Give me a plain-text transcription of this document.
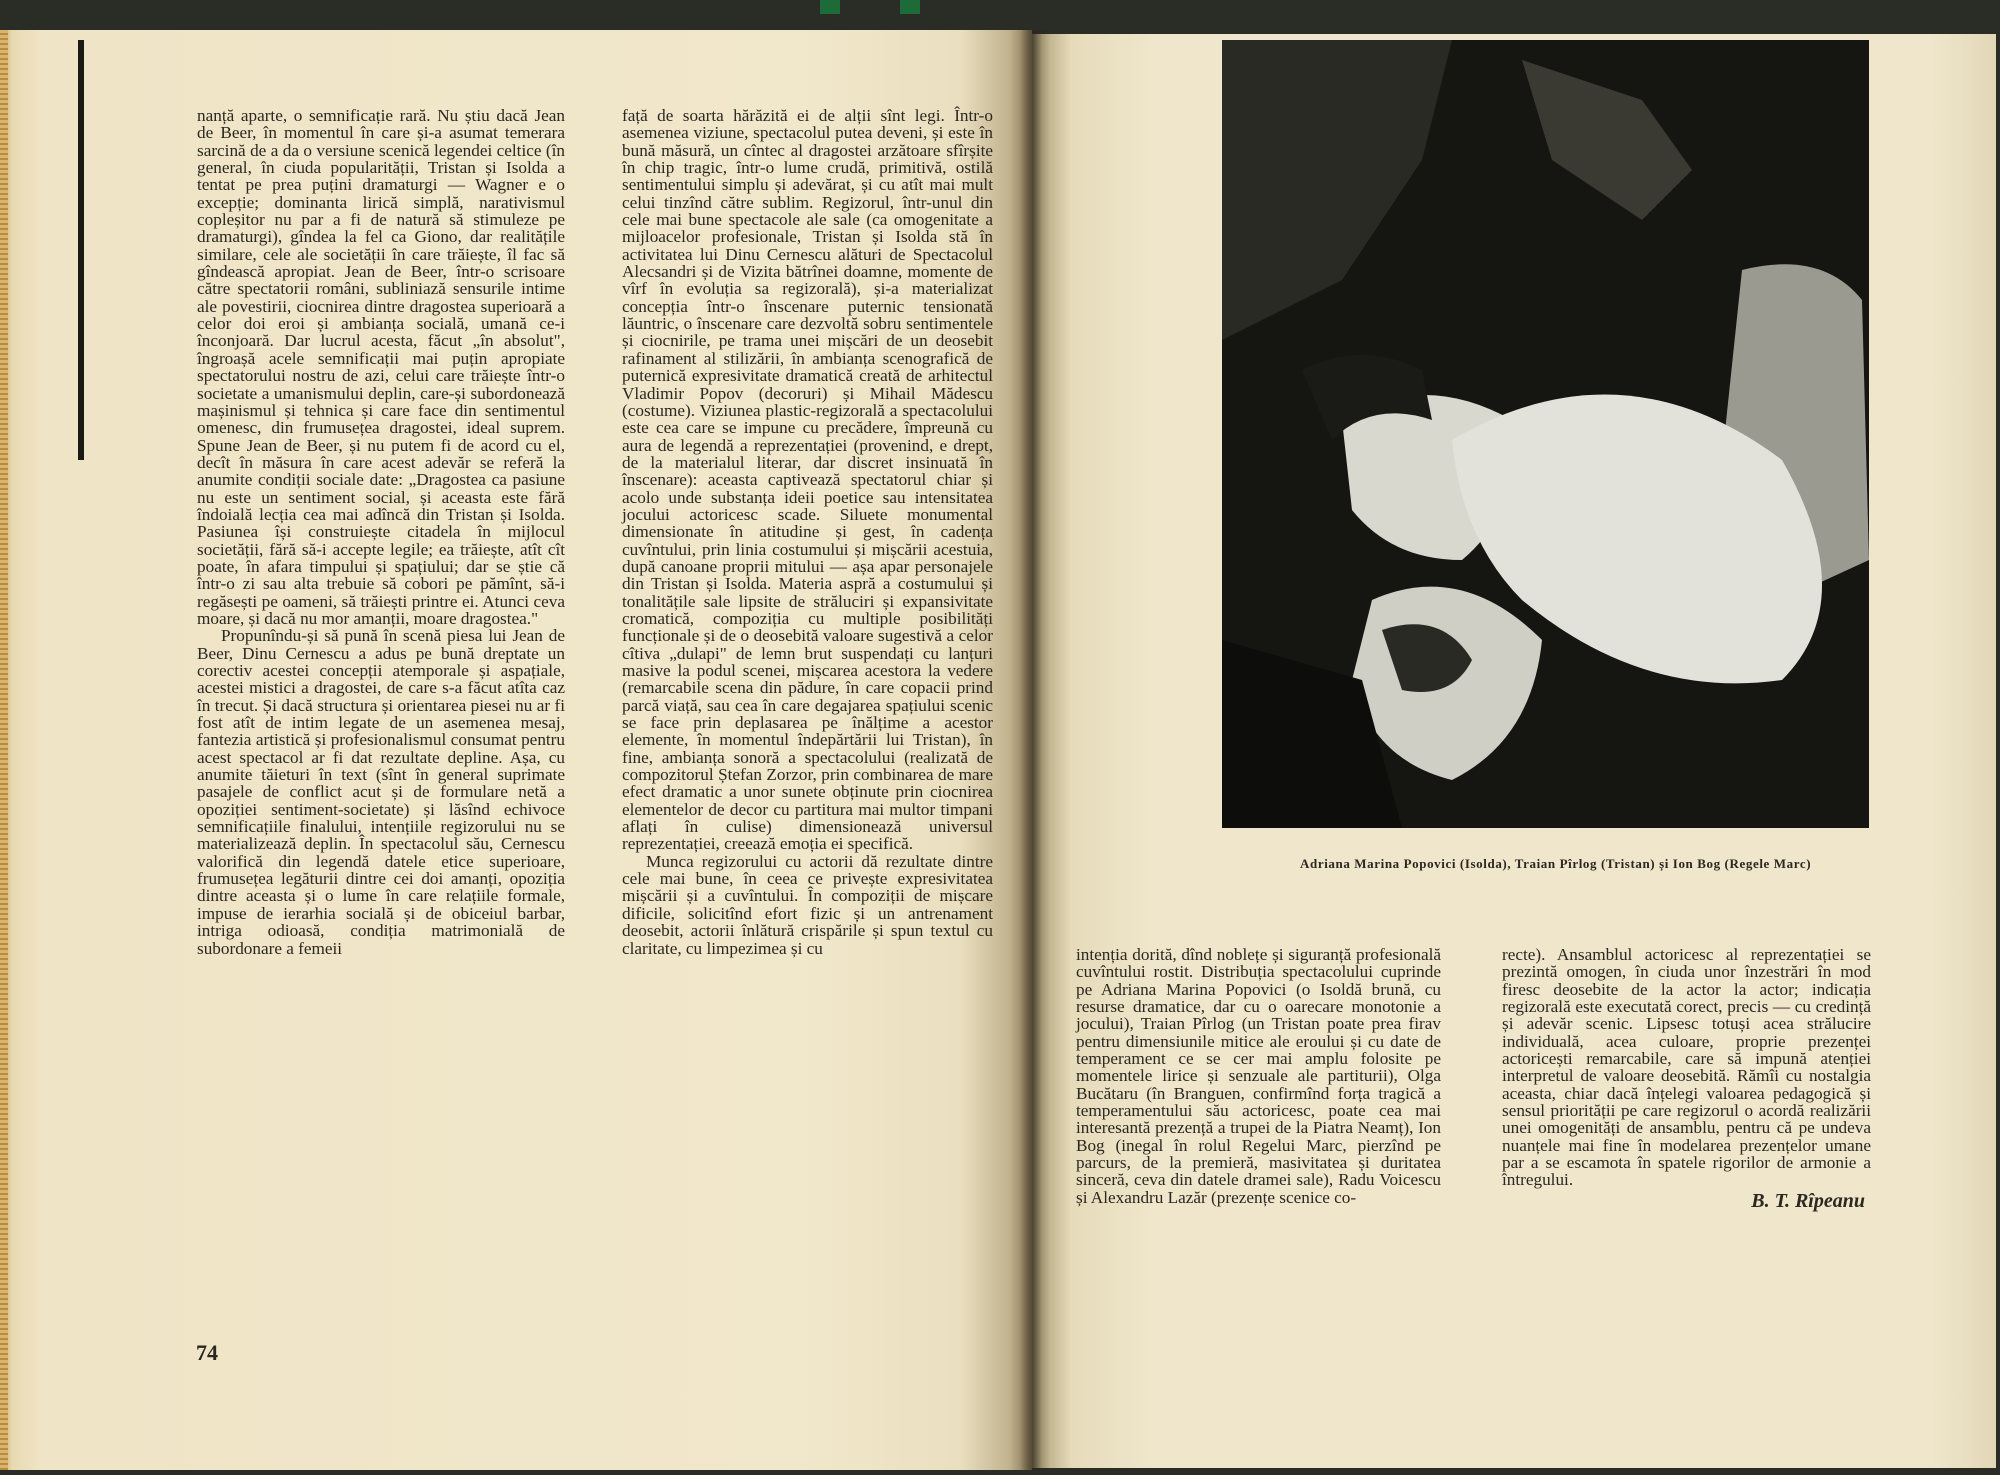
nanță aparte, o semnificație rară. Nu știu dacă Jean de Beer, în momentul în care și-a asumat temerara sarcină de a da o versiune scenică legendei celtice (în general, în ciuda popularității, Tristan și Isolda a tentat pe prea puțini dramaturgi — Wagner e o excepție; dominanta lirică simplă, narativismul copleșitor nu par a fi de natură să stimuleze pe dramaturgi), gîndea la fel ca Giono, dar realitățile similare, cele ale societății în care trăiește, îl fac să gîndească apropiat. Jean de Beer, într-o scrisoare către spectatorii români, subliniază sensurile intime ale povestirii, ciocnirea dintre dragostea superioară a celor doi eroi și ambianța socială, umană ce-i înconjoară. Dar lucrul acesta, făcut „în absolut", îngroașă acele semnificații mai puțin apropiate spectatorului nostru de azi, celui care trăiește într-o societate a umanismului deplin, care-și subordonează mașinismul și tehnica și care face din sentimentul omenesc, din frumusețea dragostei, ideal suprem. Spune Jean de Beer, și nu putem fi de acord cu el, decît în măsura în care acest adevăr se referă la anumite condiții sociale date: „Dragostea ca pasiune nu este un sentiment social, și aceasta este fără îndoială lecția cea mai adîncă din Tristan și Isolda. Pasiunea își construiește citadela în mijlocul societății, fără să-i accepte legile; ea trăiește, atît cît poate, în afara timpului și spațiului; dar se știe că într-o zi sau alta trebuie să cobori pe pămînt, să-i regăsești pe oameni, să trăiești printre ei. Atunci ceva moare, și dacă nu mor amanții, moare dragostea."

Propunîndu-și să pună în scenă piesa lui Jean de Beer, Dinu Cernescu a adus pe bună dreptate un corectiv acestei concepții atemporale și aspațiale, acestei mistici a dragostei, de care s-a făcut atîta caz în trecut. Și dacă structura și orientarea piesei nu ar fi fost atît de intim legate de un asemenea mesaj, fantezia artistică și profesionalismul consumat pentru acest spectacol ar fi dat rezultate depline. Așa, cu anumite tăieturi în text (sînt în general suprimate pasajele de conflict acut și de formulare netă a opoziției sentiment-societate) și lăsînd echivoce semnificațiile finalului, intențiile regizorului nu se materializează deplin. În spectacolul său, Cernescu valorifică din legendă datele etice superioare, frumusețea legăturii dintre cei doi amanți, opoziția dintre aceasta și o lume în care relațiile formale, impuse de ierarhia socială și de obiceiul barbar, intriga odioasă, condiția matrimonială de subordonare a femeii

față de soarta hărăzită ei de alții sînt legi. Într-o asemenea viziune, spectacolul putea deveni, și este în bună măsură, un cîntec al dragostei arzătoare sfîrșite în chip tragic, într-o lume crudă, primitivă, ostilă sentimentului simplu și adevărat, și cu atît mai mult celui tinzînd către sublim. Regizorul, într-unul din cele mai bune spectacole ale sale (ca omogenitate a mijloacelor profesionale, Tristan și Isolda stă în activitatea lui Dinu Cernescu alături de Spectacolul Alecsandri și de Vizita bătrînei doamne, momente de vîrf în evoluția sa regizorală), și-a materializat concepția într-o înscenare puternic tensionată lăuntric, o înscenare care dezvoltă sobru sentimentele și ciocnirile, pe trama unei mișcări de un deosebit rafinament al stilizării, în ambianța scenografică de puternică expresivitate dramatică creată de arhitectul Vladimir Popov (decoruri) și Mihail Mădescu (costume). Viziunea plastic-regizorală a spectacolului este cea care se impune cu precădere, împreună cu aura de legendă a reprezentației (provenind, e drept, de la materialul literar, dar discret insinuată în înscenare): aceasta captivează spectatorul chiar și acolo unde substanța ideii poetice sau intensitatea jocului actoricesc scade. Siluete monumental dimensionate în atitudine și gest, în cadența cuvîntului, prin linia costumului și mișcării acestuia, după canoane proprii mitului — așa apar personajele din Tristan și Isolda. Materia aspră a costumului și tonalitățile sale lipsite de străluciri și expansivitate cromatică, compoziția cu multiple posibilități funcționale și de o deosebită valoare sugestivă a celor cîtiva „dulapi" de lemn brut suspendați cu lanțuri masive la podul scenei, mișcarea acestora la vedere (remarcabile scena din pădure, în care copacii prind parcă viață, sau cea în care degajarea spațiului scenic se face prin deplasarea pe înălțime a acestor elemente, în momentul îndepărtării lui Tristan), în fine, ambianța sonoră a spectacolului (realizată de compozitorul Ștefan Zorzor, prin combinarea de mare efect dramatic a unor sunete obținute prin ciocnirea elementelor de decor cu partitura mai multor timpani aflați în culise) dimensionează universul reprezentației, creează emoția ei specifică.

Munca regizorului cu actorii dă rezultate dintre cele mai bune, în ceea ce privește expresivitatea mișcării și a cuvîntului. În compoziții de mișcare dificile, solicitînd efort fizic și un antrenament deosebit, actorii înlătură crispările și spun textul cu claritate, cu limpezimea și cu

74
Adriana Marina Popovici (Isolda), Traian Pîrlog (Tristan) și Ion Bog (Regele Marc)

intenția dorită, dînd noblețe și siguranță profesională cuvîntului rostit. Distribuția spectacolului cuprinde pe Adriana Marina Popovici (o Isoldă brună, cu resurse dramatice, dar cu o oarecare monotonie a jocului), Traian Pîrlog (un Tristan poate prea firav pentru dimensiunile mitice ale eroului și cu date de temperament ce se cer mai amplu folosite pe momentele lirice și senzuale ale partiturii), Olga Bucătaru (în Branguen, confirmînd forța tragică a temperamentului său actoricesc, poate cea mai interesantă prezență a trupei de la Piatra Neamț), Ion Bog (inegal în rolul Regelui Marc, pierzînd pe parcurs, de la premieră, masivitatea și duritatea sinceră, ceva din datele dramei sale), Radu Voicescu și Alexandru Lazăr (prezențe scenice co-

recte). Ansamblul actoricesc al reprezentației se prezintă omogen, în ciuda unor înzestrări în mod firesc deosebite de la actor la actor; indicația regizorală este executată corect, precis — cu credință și adevăr scenic. Lipsesc totuși acea strălucire individuală, acea culoare, proprie prezenței actoricești remarcabile, care să impună atenției interpretul de valoare deosebită. Rămîi cu nostalgia aceasta, chiar dacă înțelegi valoarea pedagogică și sensul priorității pe care regizorul o acordă realizării unei omogenități de ansamblu, pentru că pe undeva nuanțele mai fine în modelarea prezențelor umane par a se escamota în spatele rigorilor de armonie a întregului.

B. T. Rîpeanu
